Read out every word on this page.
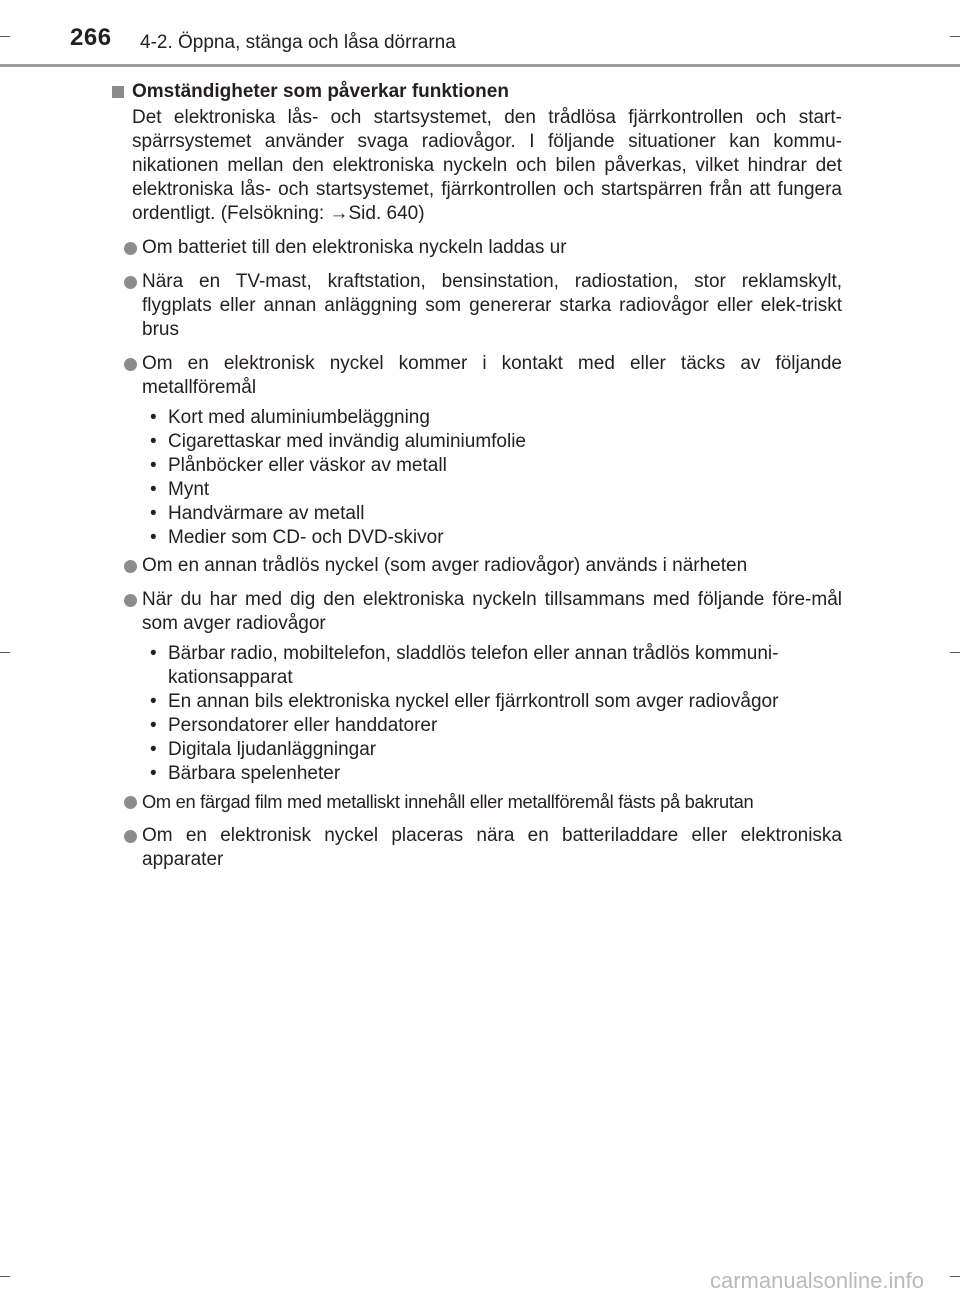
266 4-2. Öppna, stänga och låsa dörrarna
Omständigheter som påverkar funktionen
Det elektroniska lås- och startsystemet, den trådlösa fjärrkontrollen och start- spärrsystemet använder svaga radiovågor. I följande situationer kan kommu- nikationen mellan den elektroniska nyckeln och bilen påverkas, vilket hindrar det elektroniska lås- och startsystemet, fjärrkontrollen och startspärren från att fungera ordentligt. (Felsökning: →Sid. 640)
Om batteriet till den elektroniska nyckeln laddas ur
Nära en TV-mast, kraftstation, bensinstation, radiostation, stor reklamskylt, flygplats eller annan anläggning som genererar starka radiovågor eller elek-triskt brus
Om en elektronisk nyckel kommer i kontakt med eller täcks av följande metallföremål
• Kort med aluminiumbeläggning
• Cigarettaskar med invändig aluminiumfolie
• Plånböcker eller väskor av metall
• Mynt
• Handvärmare av metall
• Medier som CD- och DVD-skivor
Om en annan trådlös nyckel (som avger radiovågor) används i närheten
När du har med dig den elektroniska nyckeln tillsammans med följande före-mål som avger radiovågor
• Bärbar radio, mobiltelefon, sladdlös telefon eller annan trådlös kommuni-kationsapparat
• En annan bils elektroniska nyckel eller fjärrkontroll som avger radiovågor
• Persondatorer eller handdatorer
• Digitala ljudanläggningar
• Bärbara spelenheter
Om en färgad film med metalliskt innehåll eller metallföremål fästs på bakrutan
Om en elektronisk nyckel placeras nära en batteriladdare eller elektroniska apparater
carmanualsonline.info
